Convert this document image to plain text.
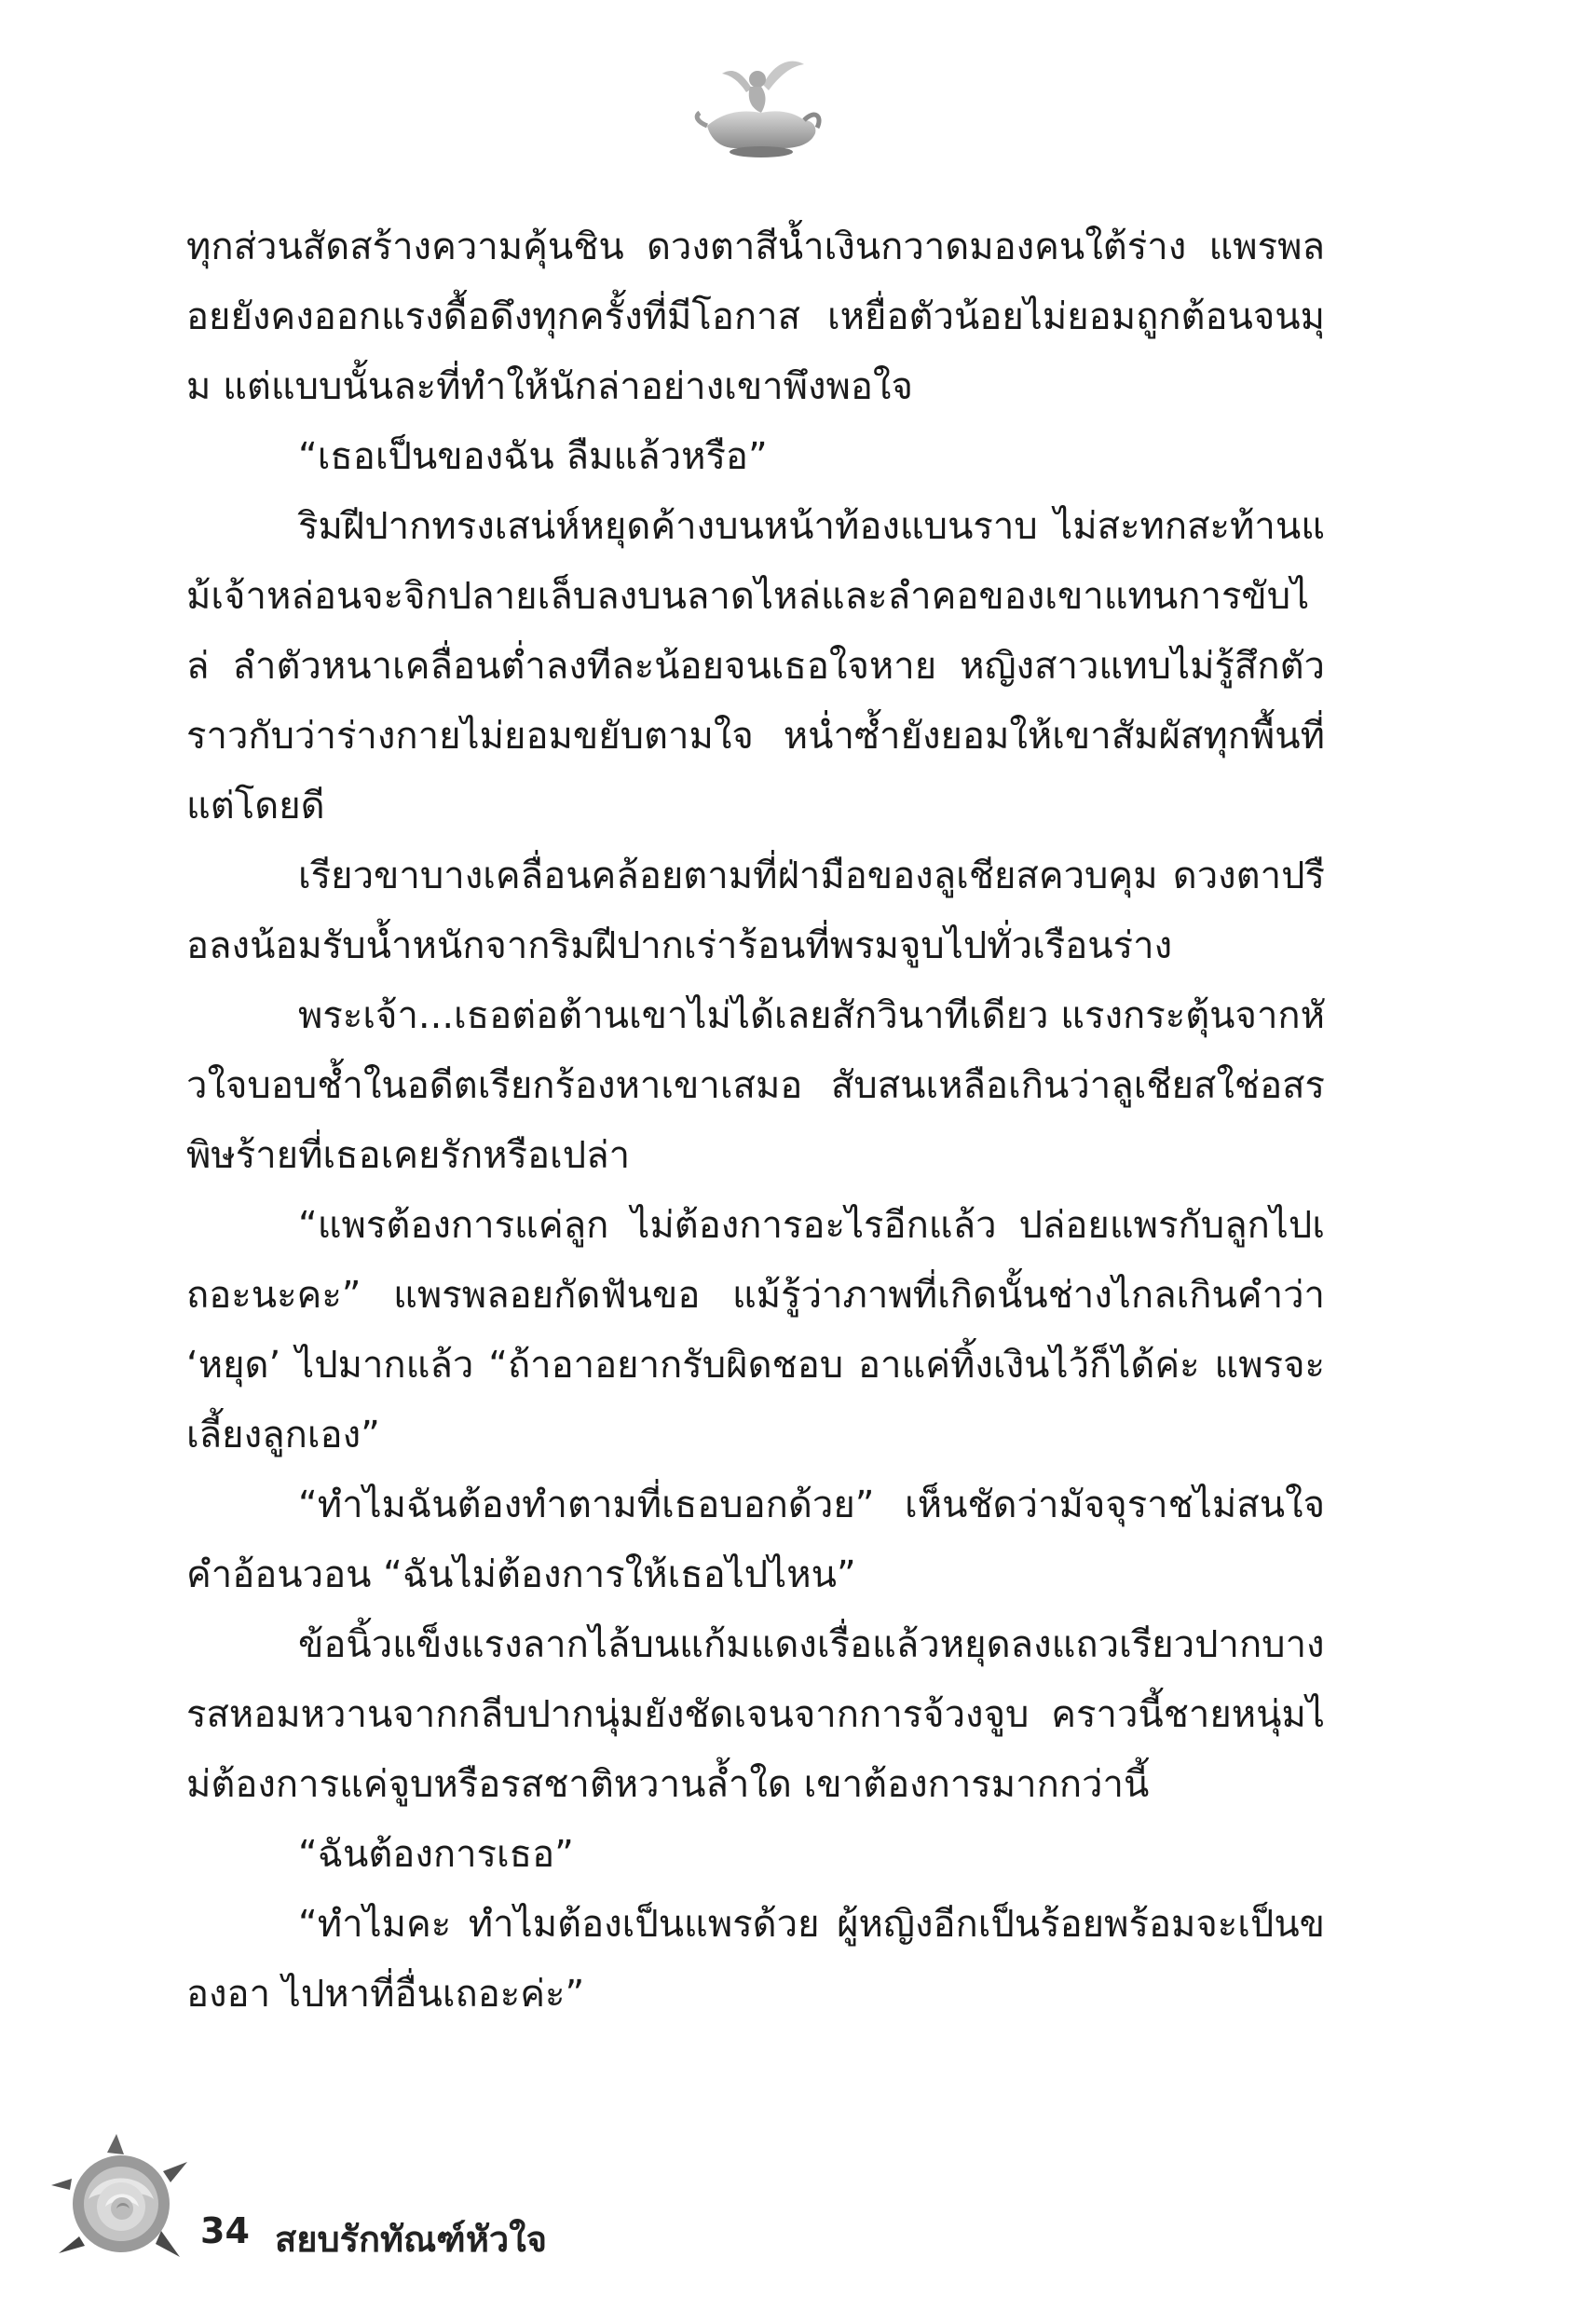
ทุกส่วนสัดสร้างความคุ้นชิน ดวงตาสีน้ำเงินกวาดมองคนใต้ร่าง แพรพลอยยังคงออกแรงดื้อดึงทุกครั้งที่มีโอกาส เหยื่อตัวน้อยไม่ยอมถูกต้อนจนมุม แต่แบบนั้นละที่ทำให้นักล่าอย่างเขาพึงพอใจ

“เธอเป็นของฉัน ลืมแล้วหรือ”

ริมฝีปากทรงเสน่ห์หยุดค้างบนหน้าท้องแบนราบ ไม่สะทกสะท้านแม้เจ้าหล่อนจะจิกปลายเล็บลงบนลาดไหล่และลำคอของเขาแทนการขับไล่ ลำตัวหนาเคลื่อนต่ำลงทีละน้อยจนเธอใจหาย หญิงสาวแทบไม่รู้สึกตัว ราวกับว่าร่างกายไม่ยอมขยับตามใจ หน่ำซ้ำยังยอมให้เขาสัมผัสทุกพื้นที่แต่โดยดี

เรียวขาบางเคลื่อนคล้อยตามที่ฝ่ามือของลูเชียสควบคุม ดวงตาปรือลงน้อมรับน้ำหนักจากริมฝีปากเร่าร้อนที่พรมจูบไปทั่วเรือนร่าง

พระเจ้า...เธอต่อต้านเขาไม่ได้เลยสักวินาทีเดียว แรงกระตุ้นจากหัวใจบอบช้ำในอดีตเรียกร้องหาเขาเสมอ สับสนเหลือเกินว่าลูเชียสใช่อสรพิษร้ายที่เธอเคยรักหรือเปล่า

“แพรต้องการแค่ลูก ไม่ต้องการอะไรอีกแล้ว ปล่อยแพรกับลูกไปเถอะนะคะ” แพรพลอยกัดฟันขอ แม้รู้ว่าภาพที่เกิดนั้นช่างไกลเกินคำว่า ‘หยุด’ ไปมากแล้ว “ถ้าอาอยากรับผิดชอบ อาแค่ทิ้งเงินไว้ก็ได้ค่ะ แพรจะเลี้ยงลูกเอง”

“ทำไมฉันต้องทำตามที่เธอบอกด้วย” เห็นชัดว่ามัจจุราชไม่สนใจคำอ้อนวอน “ฉันไม่ต้องการให้เธอไปไหน”

ข้อนิ้วแข็งแรงลากไล้บนแก้มแดงเรื่อแล้วหยุดลงแถวเรียวปากบาง รสหอมหวานจากกลีบปากนุ่มยังชัดเจนจากการจ้วงจูบ คราวนี้ชายหนุ่มไม่ต้องการแค่จูบหรือรสชาติหวานล้ำใด เขาต้องการมากกว่านี้

“ฉันต้องการเธอ”

“ทำไมคะ ทำไมต้องเป็นแพรด้วย ผู้หญิงอีกเป็นร้อยพร้อมจะเป็นของอา ไปหาที่อื่นเถอะค่ะ”

34 สยบรักทัณฑ์หัวใจ
